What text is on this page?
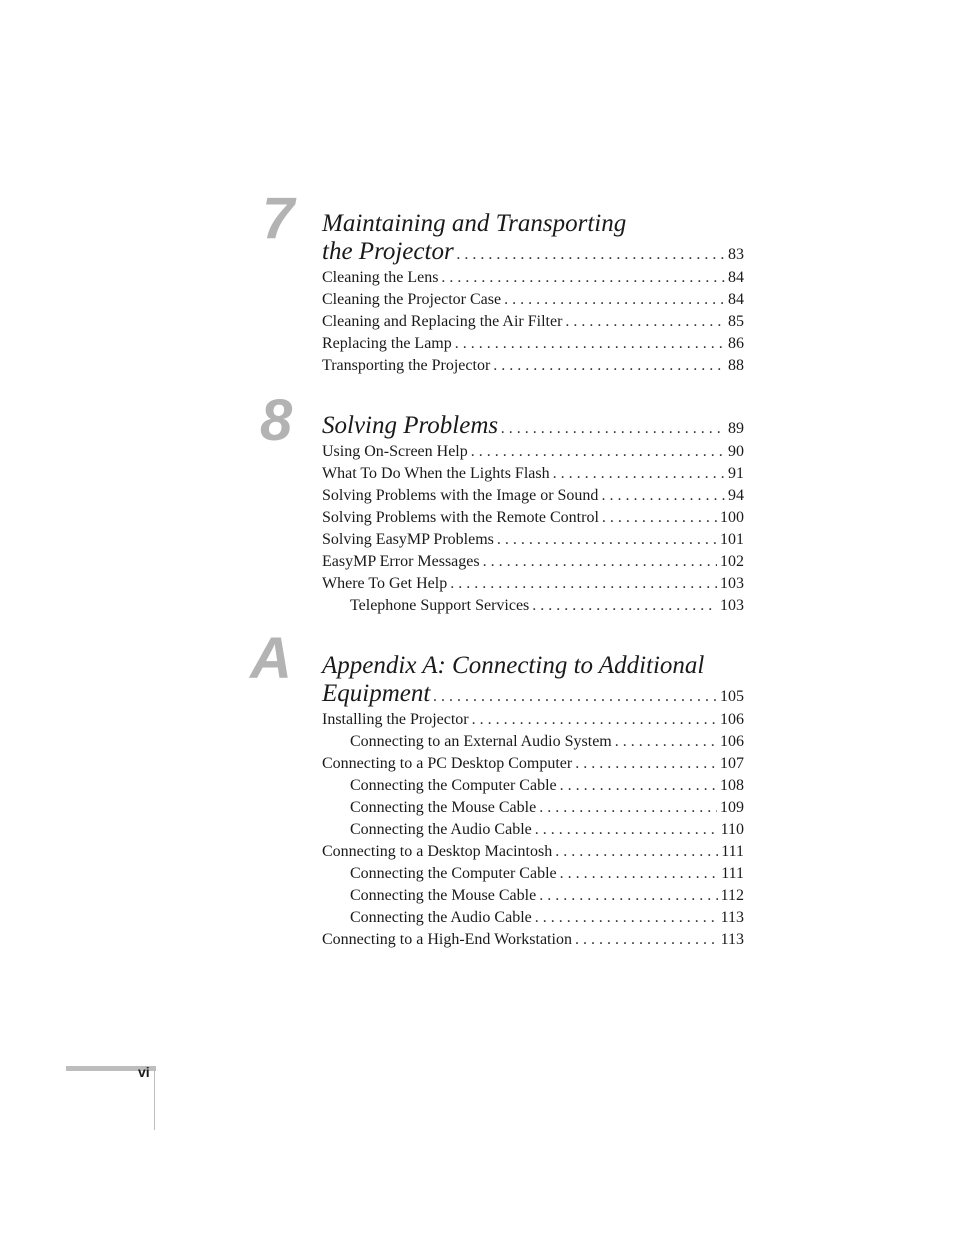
7 Maintaining and Transporting
the Projector . . .	83
Cleaning the Lens . . .	84
Cleaning the Projector Case . . .	84
Cleaning and Replacing the Air Filter . . .	85
Replacing the Lamp . . .	86
Transporting the Projector . . .	88
8 Solving Problems . . .	89
Using On-Screen Help . . .	90
What To Do When the Lights Flash . . .	91
Solving Problems with the Image or Sound . . .	94
Solving Problems with the Remote Control . . .	100
Solving EasyMP Problems . . .	101
EasyMP Error Messages . . .	102
Where To Get Help . . .	103
Telephone Support Services . . .	103
A Appendix A: Connecting to Additional
Equipment . . .	105
Installing the Projector . . .	106
Connecting to an External Audio System . . .	106
Connecting to a PC Desktop Computer . . .	107
Connecting the Computer Cable . . .	108
Connecting the Mouse Cable . . .	109
Connecting the Audio Cable . . .	110
Connecting to a Desktop Macintosh . . .	111
Connecting the Computer Cable . . .	111
Connecting the Mouse Cable . . .	112
Connecting the Audio Cable . . .	113
Connecting to a High-End Workstation . . .	113
vi
